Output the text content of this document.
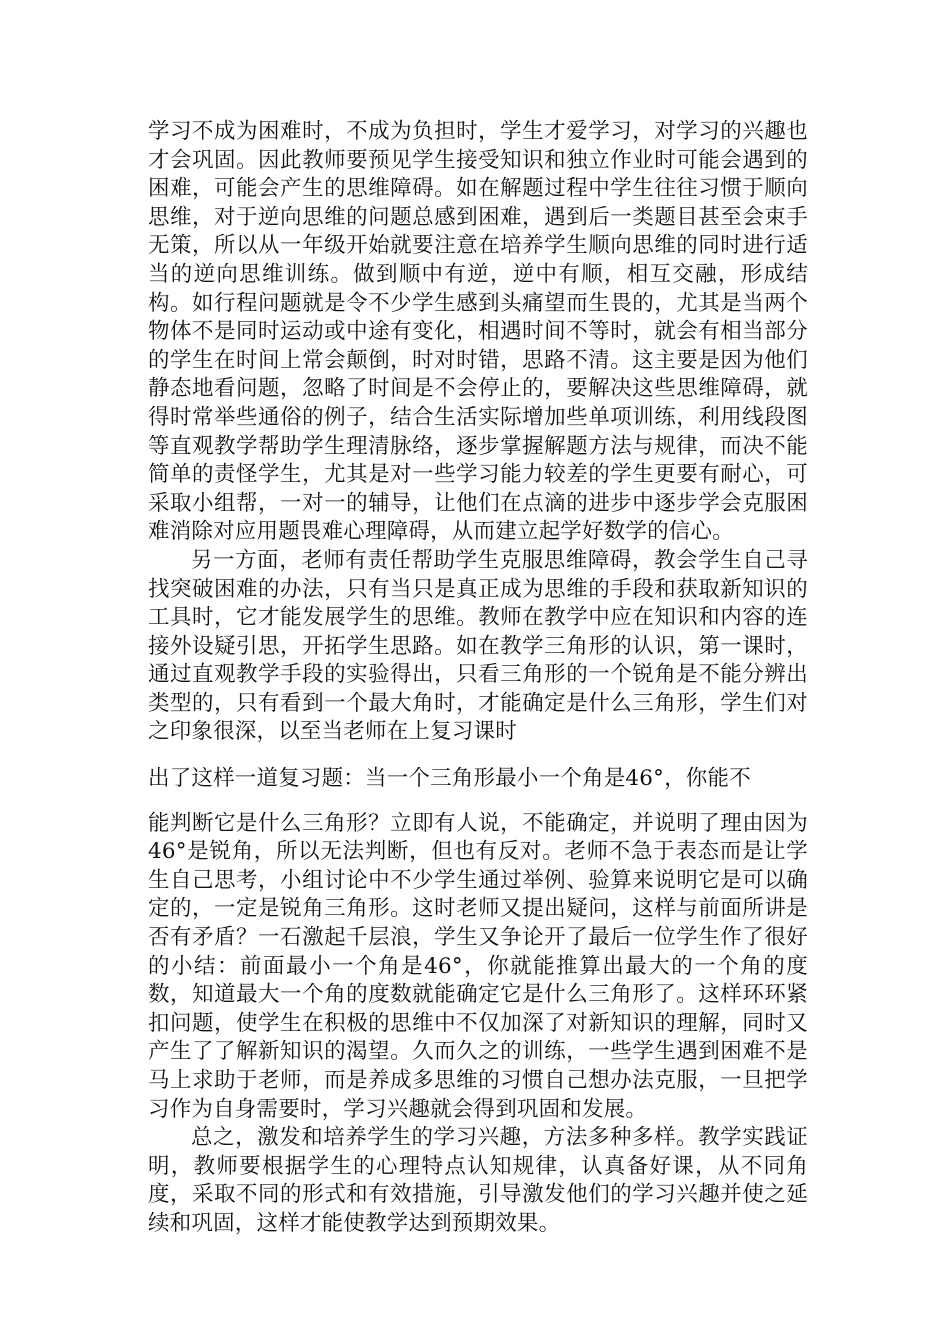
学习不成为困难时，不成为负担时，学生才爱学习，对学习的兴趣也才会巩固。因此教师要预见学生接受知识和独立作业时可能会遇到的困难，可能会产生的思维障碍。如在解题过程中学生往往习惯于顺向思维，对于逆向思维的问题总感到困难，遇到后一类题目甚至会束手无策，所以从一年级开始就要注意在培养学生顺向思维的同时进行适当的逆向思维训练。做到顺中有逆，逆中有顺，相互交融，形成结构。如行程问题就是令不少学生感到头痛望而生畏的，尤其是当两个物体不是同时运动或中途有变化，相遇时间不等时，就会有相当部分的学生在时间上常会颠倒，时对时错，思路不清。这主要是因为他们静态地看问题，忽略了时间是不会停止的，要解决这些思维障碍，就得时常举些通俗的例子，结合生活实际增加些单项训练，利用线段图等直观教学帮助学生理清脉络，逐步掌握解题方法与规律，而决不能简单的责怪学生，尤其是对一些学习能力较差的学生更要有耐心，可采取小组帮，一对一的辅导，让他们在点滴的进步中逐步学会克服困难消除对应用题畏难心理障碍，从而建立起学好数学的信心。

另一方面，老师有责任帮助学生克服思维障碍，教会学生自己寻找突破困难的办法，只有当只是真正成为思维的手段和获取新知识的工具时，它才能发展学生的思维。教师在教学中应在知识和内容的连接外设疑引思，开拓学生思路。如在教学三角形的认识，第一课时，通过直观教学手段的实验得出，只看三角形的一个锐角是不能分辨出类型的，只有看到一个最大角时，才能确定是什么三角形，学生们对之印象很深，以至当老师在上复习课时

出了这样一道复习题：当一个三角形最小一个角是46°，你能不

能判断它是什么三角形？立即有人说，不能确定，并说明了理由因为46°是锐角，所以无法判断，但也有反对。老师不急于表态而是让学生自己思考，小组讨论中不少学生通过举例、验算来说明它是可以确定的，一定是锐角三角形。这时老师又提出疑问，这样与前面所讲是否有矛盾？一石激起千层浪，学生又争论开了最后一位学生作了很好的小结：前面最小一个角是46°，你就能推算出最大的一个角的度数，知道最大一个角的度数就能确定它是什么三角形了。这样环环紧扣问题，使学生在积极的思维中不仅加深了对新知识的理解，同时又产生了了解新知识的渴望。久而久之的训练，一些学生遇到困难不是马上求助于老师，而是养成多思维的习惯自己想办法克服，一旦把学习作为自身需要时，学习兴趣就会得到巩固和发展。

总之，激发和培养学生的学习兴趣，方法多种多样。教学实践证明，教师要根据学生的心理特点认知规律，认真备好课，从不同角度，采取不同的形式和有效措施，引导激发他们的学习兴趣并使之延续和巩固，这样才能使教学达到预期效果。
